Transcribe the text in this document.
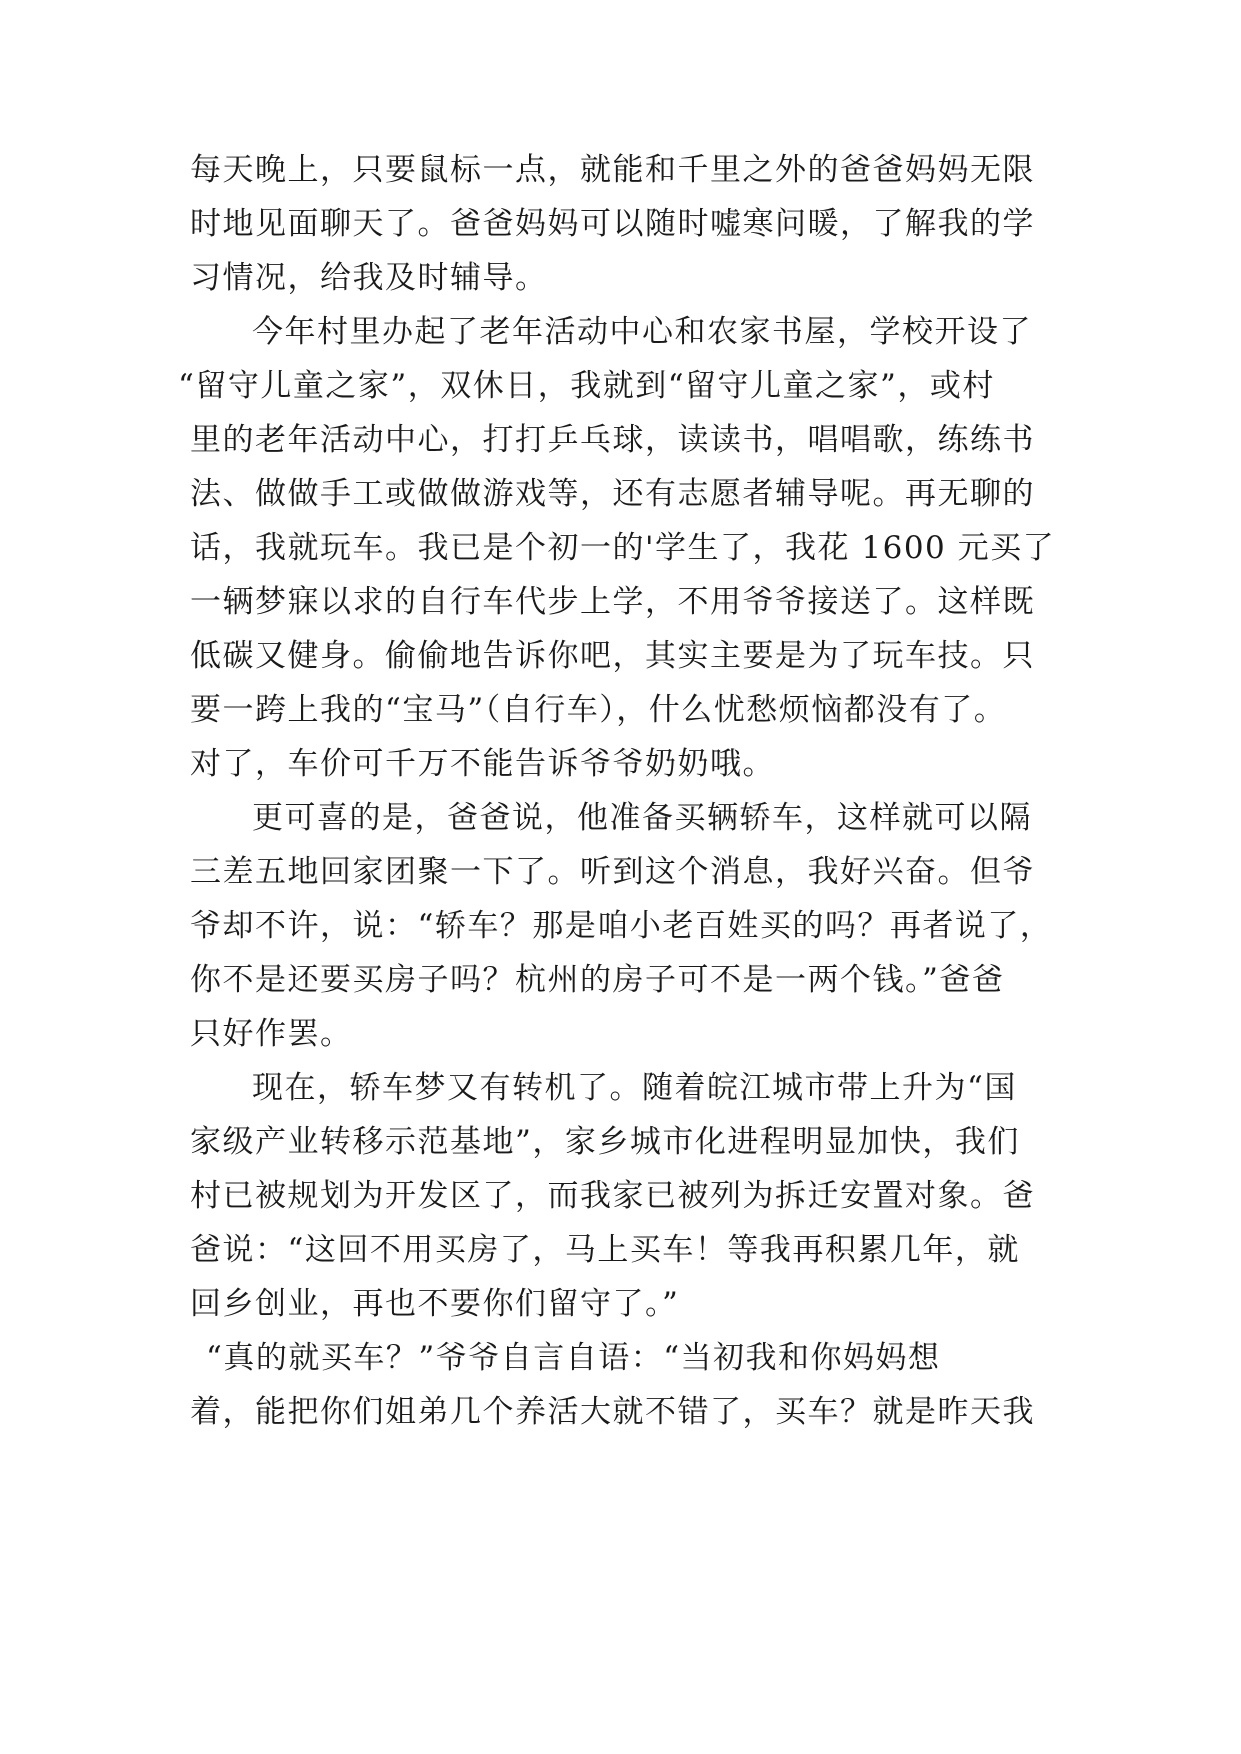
每天晚上，只要鼠标一点，就能和千里之外的爸爸妈妈无限
时地见面聊天了。爸爸妈妈可以随时嘘寒问暖，了解我的学
习情况，给我及时辅导。
今年村里办起了老年活动中心和农家书屋，学校开设了
“留守儿童之家”，双休日，我就到“留守儿童之家”，或村
里的老年活动中心，打打乒乓球，读读书，唱唱歌，练练书
法、做做手工或做做游戏等，还有志愿者辅导呢。再无聊的
话，我就玩车。我已是个初一的'学生了，我花 1600 元买了
一辆梦寐以求的自行车代步上学，不用爷爷接送了。这样既
低碳又健身。偷偷地告诉你吧，其实主要是为了玩车技。只
要一跨上我的“宝马”（自行车），什么忧愁烦恼都没有了。
对了，车价可千万不能告诉爷爷奶奶哦。
更可喜的是，爸爸说，他准备买辆轿车，这样就可以隔
三差五地回家团聚一下了。听到这个消息，我好兴奋。但爷
爷却不许，说：“轿车？那是咱小老百姓买的吗？再者说了，
你不是还要买房子吗？杭州的房子可不是一两个钱。”爸爸
只好作罢。
现在，轿车梦又有转机了。随着皖江城市带上升为“国
家级产业转移示范基地”，家乡城市化进程明显加快，我们
村已被规划为开发区了，而我家已被列为拆迁安置对象。爸
爸说：“这回不用买房了，马上买车！等我再积累几年，就
回乡创业，再也不要你们留守了。”
“真的就买车？”爷爷自言自语：“当初我和你妈妈想
着，能把你们姐弟几个养活大就不错了，买车？就是昨天我
